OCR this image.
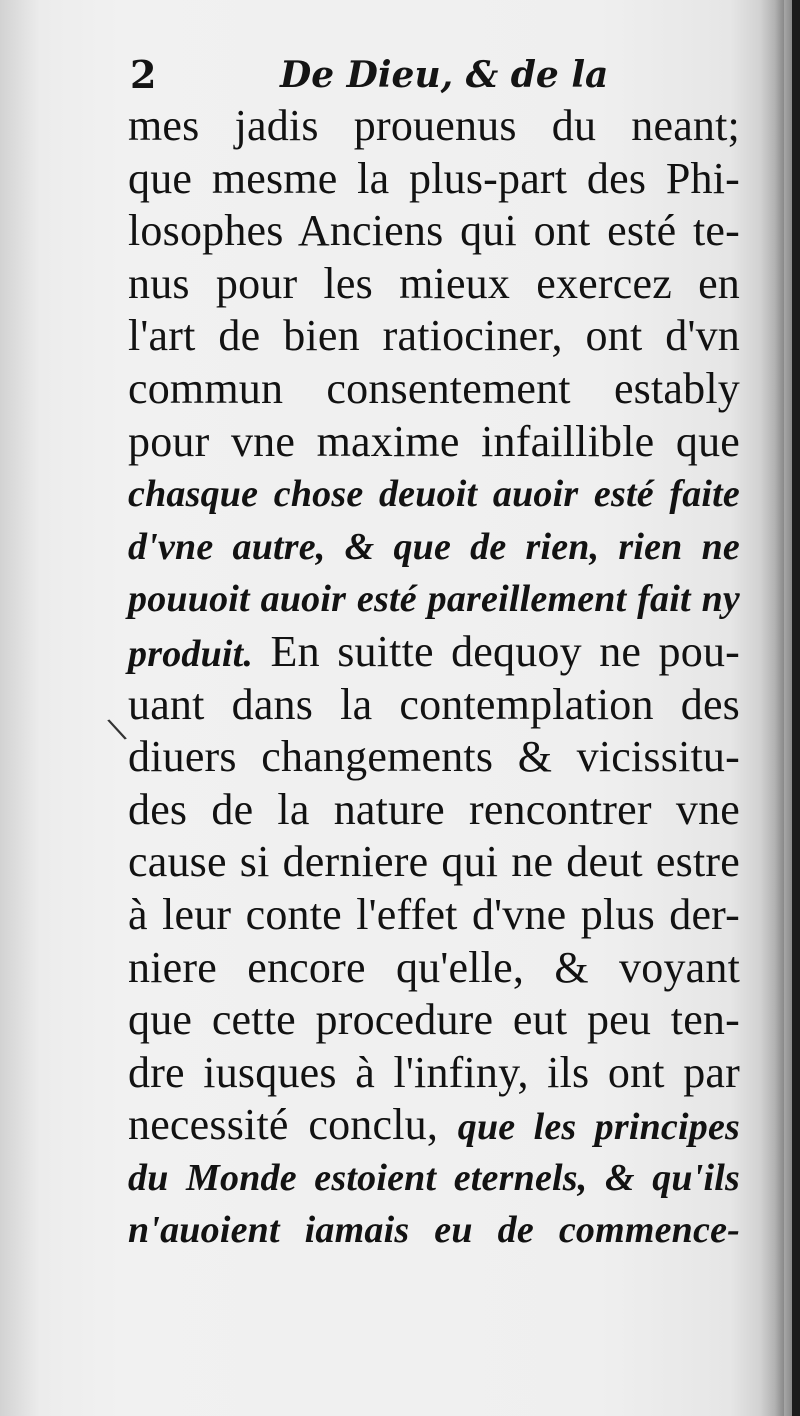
2	De Dieu, & de la
\
mes jadis prouenus du neant;
que mesme la plus-part des Phi-
losophes Anciens qui ont esté te-
nus pour les mieux exercez en
l'art de bien ratiociner, ont d'vn
commun consentement estably
pour vne maxime infaillible que
chasque chose deuoit auoir esté faite
d'vne autre, & que de rien, rien ne
pouuoit auoir esté pareillement fait ny
produit. En suitte dequoy ne pou-
uant dans la contemplation des
diuers changements & vicissitu-
des de la nature rencontrer vne
cause si derniere qui ne deut estre
à leur conte l'effet d'vne plus der-
niere encore qu'elle, & voyant
que cette procedure eut peu ten-
dre iusques à l'infiny, ils ont par
necessité conclu, que les principes
du Monde estoient eternels, & qu'ils
n'auoient iamais eu de commence-
